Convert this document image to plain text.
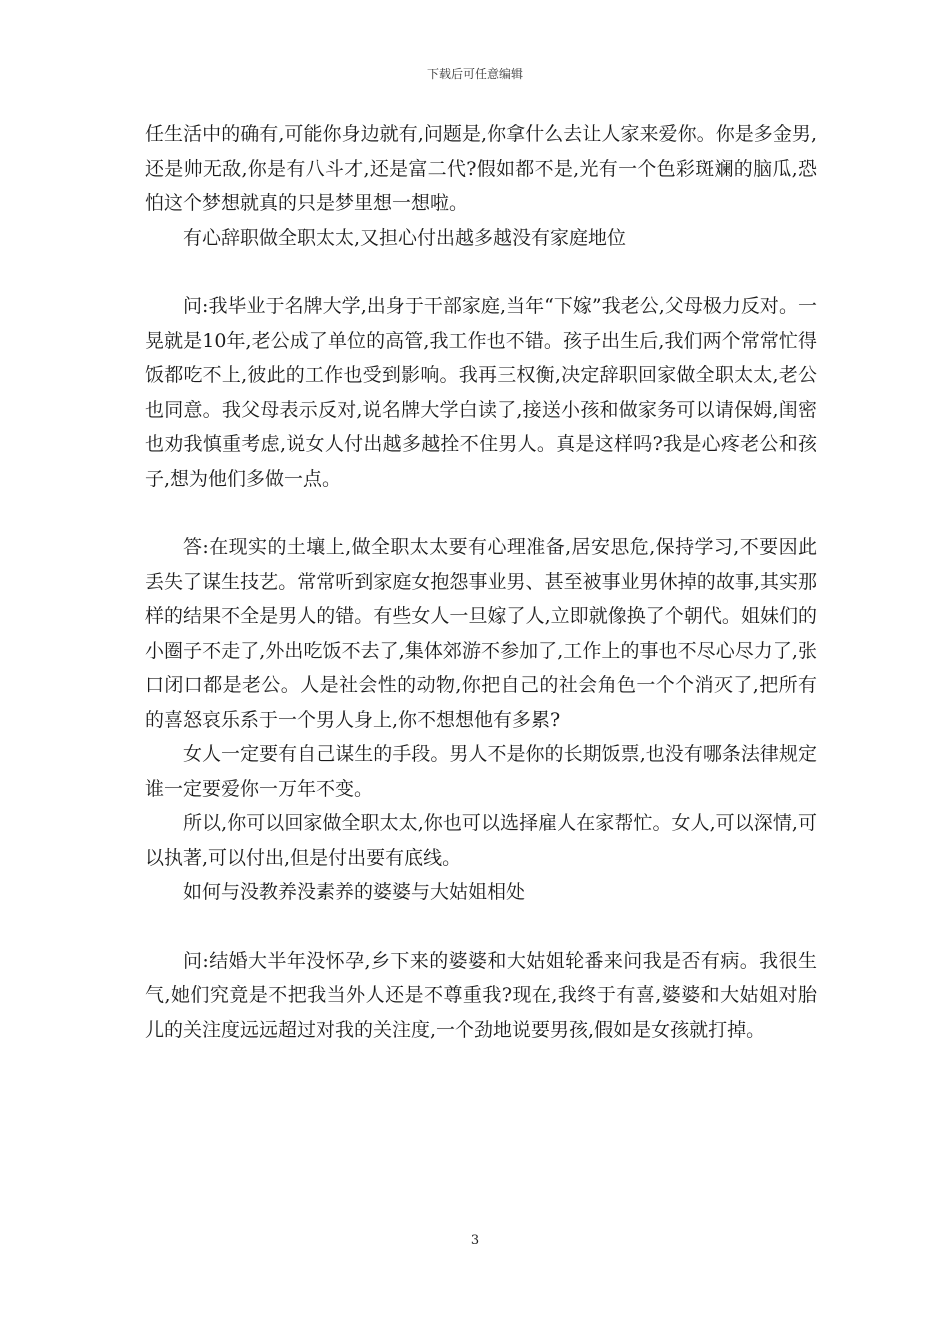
下载后可任意编辑

任生活中的确有,可能你身边就有,问题是,你拿什么去让人家来爱你。你是多金男,还是帅无敌,你是有八斗才,还是富二代?假如都不是,光有一个色彩斑斓的脑瓜,恐怕这个梦想就真的只是梦里想一想啦。

有心辞职做全职太太,又担心付出越多越没有家庭地位

问:我毕业于名牌大学,出身于干部家庭,当年“下嫁”我老公,父母极力反对。一晃就是10年,老公成了单位的高管,我工作也不错。孩子出生后,我们两个常常忙得饭都吃不上,彼此的工作也受到影响。我再三权衡,决定辞职回家做全职太太,老公也同意。我父母表示反对,说名牌大学白读了,接送小孩和做家务可以请保姆,闺密也劝我慎重考虑,说女人付出越多越拴不住男人。真是这样吗?我是心疼老公和孩子,想为他们多做一点。

答:在现实的土壤上,做全职太太要有心理准备,居安思危,保持学习,不要因此丢失了谋生技艺。常常听到家庭女抱怨事业男、甚至被事业男休掉的故事,其实那样的结果不全是男人的错。有些女人一旦嫁了人,立即就像换了个朝代。姐妹们的小圈子不走了,外出吃饭不去了,集体郊游不参加了,工作上的事也不尽心尽力了,张口闭口都是老公。人是社会性的动物,你把自己的社会角色一个个消灭了,把所有的喜怒哀乐系于一个男人身上,你不想想他有多累?

女人一定要有自己谋生的手段。男人不是你的长期饭票,也没有哪条法律规定谁一定要爱你一万年不变。

所以,你可以回家做全职太太,你也可以选择雇人在家帮忙。女人,可以深情,可以执著,可以付出,但是付出要有底线。

如何与没教养没素养的婆婆与大姑姐相处

问:结婚大半年没怀孕,乡下来的婆婆和大姑姐轮番来问我是否有病。我很生气,她们究竟是不把我当外人还是不尊重我?现在,我终于有喜,婆婆和大姑姐对胎儿的关注度远远超过对我的关注度,一个劲地说要男孩,假如是女孩就打掉。

3
